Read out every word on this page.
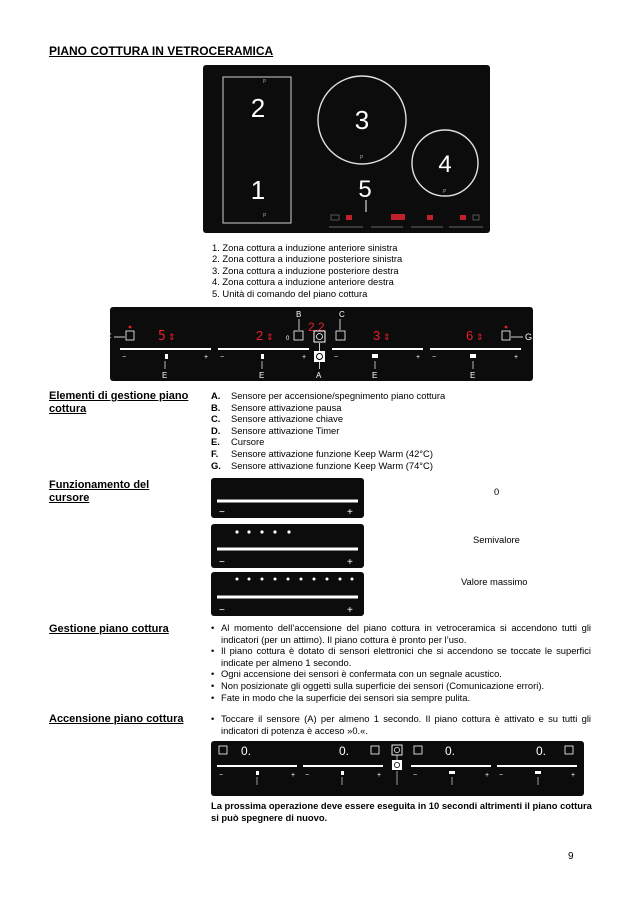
PIANO COTTURA IN VETROCERAMICA
P
2
1
P
3
P	4
P
5
1. Zona cottura a induzione anteriore sinistra
2. Zona cottura a induzione posteriore sinistra
3. Zona cottura a induzione posteriore destra
4. Zona cottura a induzione anteriore destra
5. Unità di comando del piano cottura
F	5 ⇕	2 ⇕ 0
B
2.2
C
3 ⇕	6 ⇕	G
−	+ −	+	−	+ −	+
A
E	E	E	E
Elementi di gestione piano cottura
A. Sensore per accensione/spegnimento piano cottura
B. Sensore attivazione pausa
C. Sensore attivazione chiave
D. Sensore attivazione Timer
E. Cursore
F. Sensore attivazione funzione Keep Warm (42°C)
G. Sensore attivazione funzione Keep Warm (74°C)
Funzionamento del cursore
−	+
0
−	+
Semivalore
−	+
Valore massimo
Gestione piano cottura	• Al momento dell’accensione del piano cottura in vetroceramica si accendono tutti gli indicatori (per un attimo). Il piano cottura è pronto per l’uso.
• Il piano cottura è dotato di sensori elettronici che si accendono se toccate le superfici indicate per almeno 1 secondo.
• Ogni accensione dei sensori è confermata con un segnale acustico.
• Non posizionate gli oggetti sulla superficie dei sensori (Comunicazione errori).
• Fate in modo che la superficie dei sensori sia sempre pulita.
Accensione piano cottura	• Toccare il sensore (A) per almeno 1 secondo. Il piano cottura è attivato e su tutti gli indicatori di potenza è acceso »0.«.
0.	0.	0.	0.
−	+ −	+	−	+ −	+
La prossima operazione deve essere eseguita in 10 secondi altrimenti il piano cottura si può spegnere di nuovo.
9
